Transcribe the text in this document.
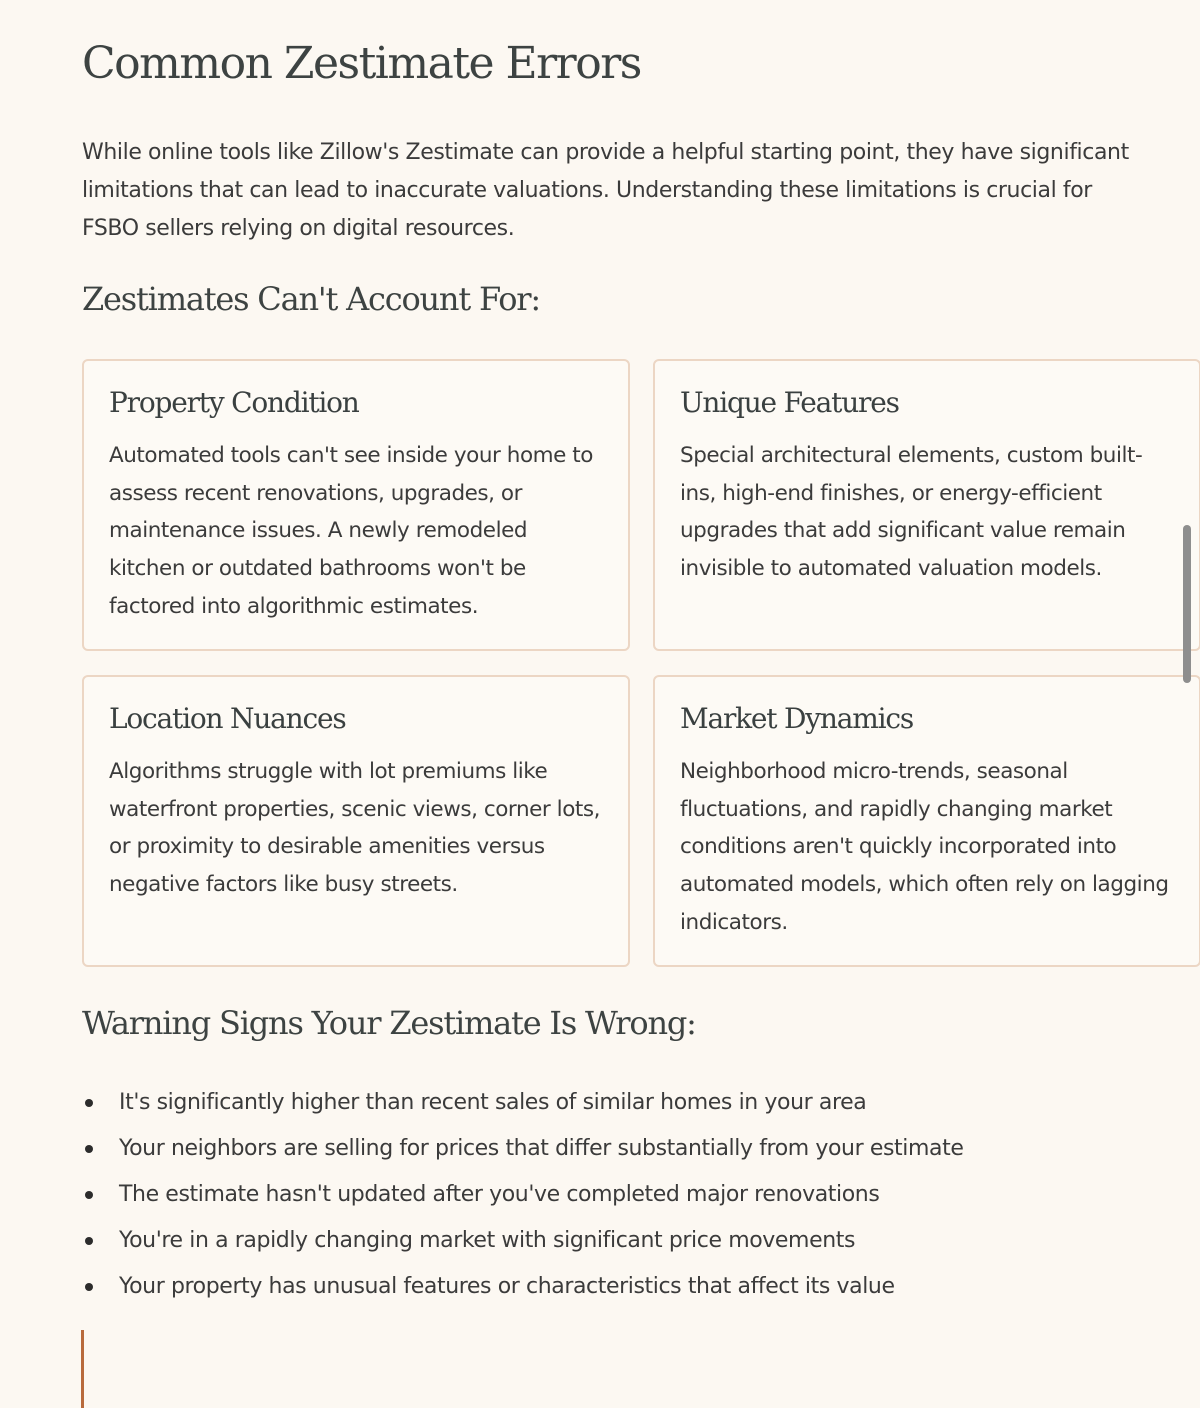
Common Zestimate Errors

While online tools like Zillow's Zestimate can provide a helpful starting point, they have significant limitations that can lead to inaccurate valuations. Understanding these limitations is crucial for FSBO sellers relying on digital resources.

Zestimates Can't Account For:
Property Condition

Automated tools can't see inside your home to assess recent renovations, upgrades, or maintenance issues. A newly remodeled kitchen or outdated bathrooms won't be factored into algorithmic estimates.

Unique Features

Special architectural elements, custom built-ins, high-end finishes, or energy-efficient upgrades that add significant value remain invisible to automated valuation models.

Location Nuances

Algorithms struggle with lot premiums like waterfront properties, scenic views, corner lots, or proximity to desirable amenities versus negative factors like busy streets.

Market Dynamics

Neighborhood micro-trends, seasonal fluctuations, and rapidly changing market conditions aren't quickly incorporated into automated models, which often rely on lagging indicators.

Warning Signs Your Zestimate Is Wrong:
It's significantly higher than recent sales of similar homes in your area
Your neighbors are selling for prices that differ substantially from your estimate
The estimate hasn't updated after you've completed major renovations
You're in a rapidly changing market with significant price movements
Your property has unusual features or characteristics that affect its value
